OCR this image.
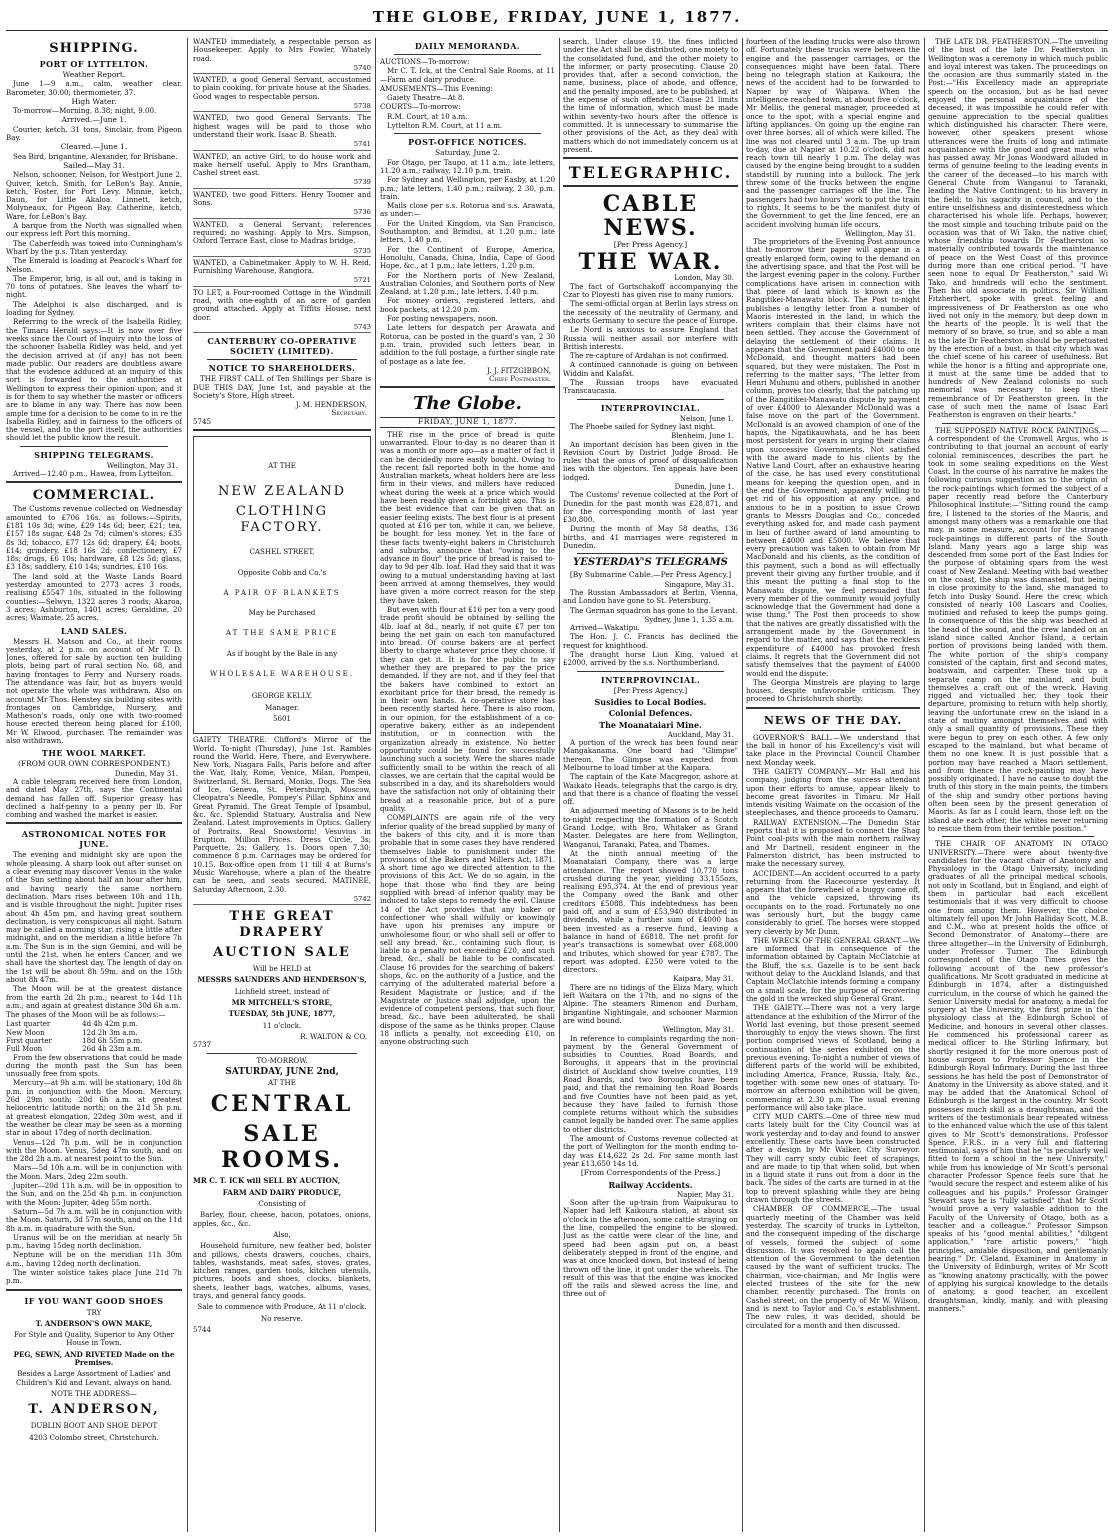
THE GLOBE, FRIDAY, JUNE 1, 1877.
SHIPPING.
PORT OF LYTTELTON.
Weather Report.

June 1—9 a.m., calm, weather clear. Barometer, 30.00; thermometer, 37.

High Water.

To-morrow—Morning, 8.38; night, 9.00.

Arrived.—June 1.

Courier, ketch, 31 tons, Sinclair, from Pigeon Bay.

Cleared.—June 1.

Sea Bird, brigantine, Alexander, for Brisbane.

Sailed—May 31.

Nelson, schooner, Nelson, for Westport June 2. Quiver, ketch, Smith, for LeBon's Bay. Annie, ketch, Foster, for Port Levy. Minnie, ketch, Daun, for Little Akaloa. Linnett, ketch, Molyneaux, for Pigeon Bay. Catherine, ketch, Ware, for LeBon's Bay.

A barque from the North was signalled when our express left Port this morning.

The Caberfeidh was towed into Cunningham's Wharf by the p.s. Titan yesterday.

The Emerald is loading at Peacock's Wharf for Nelson.

The Emperor, brig, is all out, and is taking in 70 tons of potatoes. She leaves the wharf to-night.

The Adelphoi is also discharged, and is loading for Sydney.

Referring to the wreck of the Isabella Ridley, the Timaru Herald says:—It is now over five weeks since the Court of Inquiry into the loss of the schooner Isabella Ridley was held, and yet the decision arrived at (if any) has not been made public. Our readers are doubtless aware that the evidence adduced at an inquiry of this sort is forwarded to the authorities at Wellington to express their opinion upon; and it is for them to say whether the master or officers are to blame in any way. There has now been ample time for a decision to be come to in re the Isabella Ridley, and in fairness to the officers of the vessel, and to the port itself, the authorities should let the public know the result.

SHIPPING TELEGRAMS.
Wellington, May 31.

Arrived—12.40 p.m., Hawea, from Lyttelton.

COMMERCIAL.

The Customs revenue collected on Wednesday amounted to £706 16s. as follows:—Spirits, £181 10s 3d; wine, £29 14s 6d; beer, £21; tea, £157 18s sugar, £48 2s 7d; cilmen's stores; £35 8s 3d; tobacco, £77 12s 6d; drapery, £4; boots, £14; grindery, £18 16s 2d; confectionery, £7 18s; drugs, £6 10s; hardware, £8 12s 5d; glass, £3 18s; saddlery, £10 14s; sundries, £10 16s.

The land sold at the Waste Lands Board yesterday amounted to 2773 acres 3 roods, realising £5547 10s, situated in the following counties:—Selwyn, 1322 acres 3 roods; Akaroa, 3 acres; Ashburton, 1401 acres; Geraldine, 20 acres; Waimate, 25 acres.

LAND SALES.

Messrs H. Matson and Co., at their rooms yesterday, at 2 p.m. on account of Mr T. D. Jones, offered for sale by auction ten building plots, being part of rural section No. 68, and having frontages to Ferry and Nursery roads. The attendance was fair, but as buyers would not operate the whole was withdrawn. Also on account Mr Thos. Henstey six building sites with frontages on Cambridge, Nursery, and Matheson's roads, only one with two-roomed house erected thereon being placed for £100, Mr W. Elwood, purchaser. The remainder was also withdrawn.

THE WOOL MARKET.
(FROM OUR OWN CORRESPONDENT.)
Dunedin, May 31.

A cable telegram received here from London, and dated May 27th, says the Continental demand has fallen off. Superior greasy has declined a half-penny to a penny per lb. For combing and washed the market is easier.

ASTRONOMICAL NOTES FOR JUNE.

The evening and midnight sky are upon the whole pleasing. A sharp look out after sunset on a clear evening may discover Venus in the wake of the Sun setting about half an hour after him, and having nearly the same northern declination. Mars rises between 10h and 11h, and is visible throughout the night. Jupiter rises about 4h 45m pm, and having great southern declination, is very conspicuous all night. Saturn may be called a morning star, rising a little after midnight, and on the meridian a little before 7h a.m. The Sun is in the sign Gemini, and will be until the 21st, when he enters Cancer, and we shall have the shortest day. The length of day on the 1st will be about 8h 59m, and on the 15th about 8h 47m.

The Moon will be at the greatest distance from the earth 2d 2h p.m.; nearest to 14d 11h a.m.; and again at greatest distance 30d 6h a.m.

The phases of the Moon will be as follows:—

Last quarter	4d 4h 42m p.m.
New Moon	12d 2h 3m a.m.
First quarter	18d 6h 55m p.m.
Full Moon	26d 4h 23m a.m.

From the few observations that could be made during the month past the Sun has been unusually free from spots.

Mercury—at 9h a.m. will be stationary; 10d 8h p.m. in conjunction with the Moon. Mercury, 26d 29m south; 20d 6h a.m. at greatest heliocentric latitude north; on the 21d 5h p.m. at greatest elongation, 22deg 30m west, and if the weather be clear may be seen as a morning star in about 17deg of north declination.

Venus—12d 7h p.m. will be in conjunction with the Moon. Venus, 5deg 47m south, and on the 28d 2h a.m. at nearest point to the Sun.

Mars—5d 10h a.m. will be in conjunction with the Moon. Mars, 2deg 22m south.

Jupiter—20d 11h a.m. will be in opposition to the Sun, and on the 25d 4h p.m. in conjunction with the Moon: Jupiter, 4deg 55m north.

Saturn—5d 7h a.m. will be in conjunction with the Moon. Saturn, 3d 57m south, and on the 11d 8h a.m. in quadrature with the Sun.

Uranus will be on the meridian at nearly 5h p.m., having 15deg north declination.

Neptune will be on the meridian 11h 30m a.m., having 12deg north declination.

The winter solstice takes place June 21d 7h p.m.

IF YOU WANT GOOD SHOES
TRY
T. ANDERSON'S OWN MAKE,
For Style and Quality, Superior to Any Other House in Town.
PEG, SEWN, AND RIVETED Made on the Premises.
Besides a Large Assortment of Ladies' and Children's Kid and Levant, always on hand.
NOTE THE ADDRESS—
T. ANDERSON,
DUBLIN BOOT AND SHOE DEPOT
4203 Colombo street, Christchurch.

WANTED immediately, a respectable person as Housekeeper. Apply to Mrs Fowler, Whately road.

5740

WANTED, a good General Servant, accustomed to plain cooking, for private house at the Shades. Good wages to respectable person.

5738

WANTED, two good General Servants. The highest wages will be paid to those who understand their work. Isaac B. Sheath.

5741

WANTED, an active Girl, to do house work and make herself useful. Apply to Mrs Grantham, Cashel street east.

5739

WANTED, two good Fitters. Henry Toomer and Sons.

5736

WANTED, a General Servant; references required; no washing. Apply to Mrs. Simpson, Oxford Terrace East, close to Madras bridge.

5735

WANTED, a Cabinetmaker. Apply to W. H. Reid, Furnishing Warehouse, Rangiora.

5721

TO LET, a Four-roomed Cottage in the Windmill road, with one-eighth of an acre of garden ground attached. Apply at Tiffits House, next door.

5743
CANTERBURY CO-OPERATIVE SOCIETY (LIMITED).
NOTICE TO SHAREHOLDERS.

THE FIRST CALL of Ten Shillings per Share is DUE THIS DAY, June 1st, and payable at the Society's Store, High street.

J. M. HENDERSON,
Secretary.
5745
AT THE
NEW ZEALAND
CLOTHING FACTORY.
CASHEL STREET,
Opposite Cobb and Co.'s
A PAIR OF BLANKETS
May be Purchased
AT THE SAME PRICE
As if bought by the Bale in any
WHOLESALE WAREHOUSE.
GEORGE KELLY,
Manager.
5601

GAIETY THEATRE. Clifford's Mirror of the World. To-night (Thursday), June 1st. Rambles round the World. Here, There, and Everywhere. New York, Niagara Falls, Paris before and after the War, Italy, Rome, Venice, Milan, Pompeii, Switzerland, St. Bernard, Monks, Dogs. The Sea of Ice, Geneva, St. Petersburgh, Moscow, Cleopatra's Needle, Pompey's Pillar, Sphinx and Great Pyramid. The Great Temple of Ipsambul, &c. &c. Splendid Statuary, Australia and New Zealand. Latest improvements in Optics. Gallery of Portraits. Real Snowstorm! Vesuvius in Eruption. Million Prices. Dress Circle, 3s; Parquette, 2s; Gallery, 1s. Doors open 7.30; commence 8 p.m. Carriages may be ordered for 10.15. Box-office open from 11 till 4 at Burns's Music Warehouse, where a plan of the theatre can be seen, and seats secured. MATINEE, Saturday Afternoon, 2.30.

5742
THE GREAT DRAPERY
AUCTION SALE
Will be HELD at
MESSRS SAUNDERS AND HENDERSON'S,
Lichfield street, instead of
MR MITCHELL'S STORE,
TUESDAY, 5th JUNE, 1877,
11 o'clock.
R. WALTON & CO.
5737
TO-MORROW.
SATURDAY, JUNE 2nd,
AT THE
CENTRAL
SALE ROOMS.

MR C. T. ICK will SELL BY AUCTION,

FARM AND DAIRY PRODUCE,
Consisting of

Barley, flour, cheese, bacon, potatoes, onions, apples, &c., &c.

Also,

Household furniture, new feather bed, bolster and pillows, chests drawers, couches, chairs, tables, washstands, meat safes, stoves, grates, kitchen ranges, garden tools, kitchen utensils, pictures, boots and shoes, clocks, blankets, sheets, leather bags, watches, albums, vases, trays, and general fancy goods.

Sale to commence with Produce, At 11 o'clock.
No reserve.
5744
DAILY MEMORANDA.

AUCTIONS—To-morrow:

Mr C. T. Ick, at the Central Sale Rooms, at 11—Farm and dairy produce.

AMUSEMENTS—This Evening:

Gaiety Theatre—At 8.

COURTS—To-morrow:

R.M. Court, at 10 a.m.

Lyttelton R.M. Court, at 11 a.m.

POST-OFFICE NOTICES.
Saturday, June 2.

For Otago, per Taupo, at 11 a.m.; late letters, 11.20 a.m.; railway, 12.10 p.m. train.

For Sydney and Wellington, per Easby, at 1.20 p.m.; late letters, 1.40 p.m.; railway, 2 30, p.m. train.

Mails close per s.s. Rotorua and s.s. Arawata, as under:—

For the United Kingdom, via San Francisco, Southampton, and Brindisi, at 1.20 p.m.; late letters, 1.40 p.m.

For the Continent of Europe, America, Honolulu, Canada, China, India, Cape of Good Hope, &c., at 1 p.m.; late letters, 1.20 p.m.

For the Northern ports of New Zealand, Australian Colonies, and Southern ports of New Zealand, at 1.20 p.m.; late letters, 1.40 p.m.

For money orders, registered letters, and book packets, at 12.20 p.m.

For posting newspapers, noon.

Late letters for despatch per Arawata and Rotorua, can be posted in the guard's van, 2 30 p.m. train, provided such letters bear, in addition to the full postage, a further single rate of postage as a late fee.

J. J. FITZGIBBON,
Chief Postmaster.
The Globe.
FRIDAY, JUNE 1, 1877.

THE rise in the price of bread is quite unwarranted. Flour to-day is no dearer than it was a month or more ago—as a matter of fact it can be decidedly more easily bought. Owing to the recent fall reported both in the home and Australian markets, wheat holders here are less firm in their views, and millers have reduced wheat during the week at a price which would have been readily given a fortnight ago. This is the best evidence that can be given that an easier feeling exists. The best flour is at present quoted at £16 per ton, while it can, we believe, be bought for less money. Yet in the face of these facts twenty-eight bakers in Christchurch and suburbs, announce that "owing to the advance in flour" the price of bread is raised to-day to 9d per 4lb. loaf. Had they said that it was owing to a mutual understanding having at last been arrived at among themselves, they would have given a more correct reason for the step they have taken.

But even with flour at £16 per ton a very good trade profit should be obtained by selling the 4lb. loaf at 8d., nearly, if not quite £7 per ton being the net gain on each ton manufactured into bread. Of course bakers are at perfect liberty to charge whatever price they choose, if they can get it. It is for the public to say whether they are prepared to pay the price demanded. If they are not, and if they feel that the bakers have combined to extort an exorbitant price for their bread, the remedy is in their own hands. A co-operative store has been recently started here. There is also room, in our opinion, for the establishment of a co-operative bakery, either as an independent institution, or in connection with the organization already in existence. No better opportunity could be found for successfully launching such a society. Were the shares made sufficiently small to be within the reach of all classes, we are certain that the capital would be subscribed in a day, and its shareholders would have the satisfaction not only of obtaining their bread at a reasonable price, but of a pure quality.

COMPLAINTS are again rife of the very inferior quality of the bread supplied by many of the bakers of this city, and it is more than probable that in some cases they have rendered themselves liable to punishment under the provisions of the Bakers and Millers Act, 1871. A short time ago we directed attention to the provisions of this Act. We do so again, in the hope that those who find they are being supplied with bread of inferior quality may be induced to take steps to remedy the evil. Clause 14 of the Act provides that any baker or confectioner who shall wilfully or knowingly have upon his premises any impure or unwholesome flour, or who shall sell or offer to sell any bread, &c., containing such flour, is liable to a penalty not exceeding £20, and such bread, &c., shall be liable to be confiscated. Clause 16 provides for the searching of bakers' shops, &c. on the authority of a Justice, and the carrying of the adulterated material before a Resident Magistrate or Justice; and if the Magistrate or Justice shall adjudge, upon the evidence of competent persons, that such flour, bread, &c., have been adulterated, he shall dispose of the same as he thinks proper. Clause 18 inflicts a penalty, not exceeding £10, on anyone obstructing such

search. Under clause 19, the fines inflicted under the Act shall be distributed, one moiety to the consolidated fund, and the other moiety to the informer, or party prosecuting. Clause 20 provides that, after a second conviction, the name, business, place of abode, and offence, and the penalty imposed, are to be published, at the expense of such offender. Clause 21 limits the time of information, which must be made within seventy-two hours after the offence is committed. It is unnecessary to summarise the other provisions of the Act, as they deal with matters which do not immediately concern us at present.

TELEGRAPHIC.
CABLE NEWS.
[Per Press Agency.]
THE WAR.
London, May 30.

The fact of Gortschakoff accompanying the Czar to Ployesti has given rise to many rumors.

The semi-official organ at Berlin lays stress on the necessity of the neutrality of Germany, and exhorts Germany to secure the peace of Europe.

Le Nord is anxious to assure England that Russia will neither assail nor interfere with British interests.

The re-capture of Ardahan is not confirmed.

A continued cannonade is going on between Widdin and Kalafat.

The Russian troops have evacuated Transcaucasia.

INTERPROVINCIAL.
Nelson, June 1.

The Phoebe sailed for Sydney last night.

Blenheim, June 1.

An important decision has been given in the Revision Court by District Judge Broad. He rules that the onus of proof of disqualification lies with the objectors. Ten appeals have been lodged.

Dunedin, June 1.

The Customs' revenue collected at the Port of Dunedin for the past month was £28,871, and for the corresponding month of last year £30,800.

During the month of May 58 deaths, 136 births, and 41 marriages were registered in Dunedin.

YESTERDAY'S TELEGRAMS
[By Submarine Cable.—Per Press Agency.]
Singapore, May 31.

The Russian Ambassadors at Berlin, Vienna, and London have gone to St. Petersburg.

The German squadron has gone to the Levant.

Sydney, June 1, 1.35 a.m.

Arrived—Wakatipu.

The Hon. J. C. Francis has declined the request for knighthood.

The draught horse Lion King, valued at £2000, arrived by the s.s. Northumberland.

INTERPROVINCIAL.
[Per Press Agency.]
Susidies to Local Bodies.
Colonial Defences.
The Moanataiari Mine.
Auckland, May 31.

A portion of the wreck has been found near Mangakanama. One board had "Glimpse" thereon. The Glimpse was expected from Melbourne to load timber at the Kaipara.

The captain of the Kate Macgregor, ashore at Waikato Heads, telegraphs that the cargo is dry, and that there is a chance of floating the vessel off.

An adjourned meeting of Masons is to be held to-night respecting the formation of a Scotch Grand Lodge, with Bro. Whitaker as Grand Master. Delegates are here from Wellington, Wanganui, Taranaki, Patea, and Thames.

At the ninth annual meeting of the Moanataiari Company, there was a large attendance. The report showed 10,770 tons crushed during the year, yielding 33,155ozs, realising £95,374. At the end of previous year the Company owed the Bank and other creditors £5088. This indebtedness has been paid off, and a sum of £53,940 distributed in dividends, while a further sum of £4000 has been invested as a reserve fund, leaving a balance in hand of £6818. The net profit for year's transactions is somewhat over £68,000 and tributes, which showed for year £787. The report was adopted. £250 were voted to the directors.

Kaipara, May 31.

There are no tidings of the Eliza Mary, which left Waitara on the 17th, and no signs of the Alpine. The steamers Rimenon and Durham, brigantine Nightingale, and schooner Marmion are wind bound.

Wellington, May 31.

In reference to complaints regarding the non-payment by the General Government of subsidies to Counties, Road Boards, and Boroughs, it appears that in the provincial district of Auckland show twelve counties, 119 Road Boards, and two Boroughs have been paid, and that the remaining ten Road Boards and five Counties have not been paid as yet, because they have failed to furnish those complete returns without which the subsidies cannot legally be handed over. The same applies to other districts.

The amount of Customs revenue collected at the port of Wellington for the month ending to-day was £14,622 2s 2d. For same month last year £13,650 14s 1d.

[From Correspondents of the Press.]
Railway Accidents.
Napier, May 31.

Soon after the up-train from Waipukurau to Napier had left Kaikoura station, at about six o'clock in the afternoon, some cattle straying on the line, compelled the engine to be slowed. Just as the cattle were clear of the line, and speed had been again put on, a beast deliberately stepped in front of the engine, and was at once knocked down, but instead of being thrown off the line, it got under the wheels. The result of this was that the engine was knocked off the rails and slewed across the line, and three out of

fourteen of the leading trucks were also thrown off. Fortunately these trucks were between the engine and the passenger carriages, or the consequences might have been fatal. There being no telegraph station at Kaikoura, the news of the accident had to be forwarded to Napier by way of Waipawa. When the intelligence reached town, at about five o'clock, Mr Mellis, the general manager, proceeded at once to the spot, with a special engine and lifting appliances. On going up the engine ran over three horses, all of which were killed. The line was not cleared until 3 a.m. The up train to-day, due at Napier at 10.22 o'clock, did not reach town till nearly 1 p.m. The delay was caused by the engine being brought to a sudden standstill by running into a bullock. The jerk threw some of the trucks between the engine and the passenger carriages off the line. The passengers had two hours' work to put the train to rights. It seems to be the manifest duty of the Government to get the line fenced, ere an accident involving human life occurs.

Wellington, May 31.

The proprietors of the Evening Post announce that to-morrow their paper will appear in a greatly enlarged form, owing to the demand on the advertising space, and that the Post will be the largest evening paper in the colony. Further complications have arisen in connection with that piece of land which is known as the Rangitikei-Manawatu block. The Post to-night publishes a lengthy letter from a number of Maoris interested in the land, in which the writers complain that their claims have not been settled. They accuse the Government of delaying the settlement of their claims. It appears that the Government paid £4000 to one McDonald, and thought matters had been squared, but they were mistaken. The Post in referring to the matter says, "The letter from Henri Muhunu and others, published in another column, proves too clearly, that the patching up of the Rangitikei-Manawatu dispute by payment of over £4000 to Alexander McDonald was a false move on the part of the Government. McDonald is an avowed champion of one of the hapus, the Ngatikauwhata, and he has been most persistent for years in urging their claims upon successive Governments. Not satisfied with the award made to his clients by the Native Land Court, after an exhaustive hearing of the case, he has used every constitutional means for keeping the question open, and in the end the Government, apparently willing to get rid of his opposition at any price, and anxious to be in a position to issue Crown grants to Messrs Douglas and Co., conceded everything asked for, and made cash payment in lieu of further award of land amounting to between £4000 and £5000. We believe that every precaution was taken to obtain from Mr MacDonald and his clients, as the condition of this payment, such a bond as will effectually prevent their giving any further trouble, and if this meant the putting a final stop to the Manawatu dispute, we feel persuaded that every member of the community would joyfully acknowledge that the Government had done a wise thing." The Post then proceeds to show that the natives are greatly dissatisfied with the arrangement made by the Government in regard to the matter, and says that the reckless expenditure of £4000 has provoked fresh claims. It regrets that the Government did not satisfy themselves that the payment of £4000 would end the dispute.

The Georgia Minstrels are playing to large houses, despite unfavorable criticism. They proceed to Christchurch shortly.

NEWS OF THE DAY.

GOVERNOR'S BALL.—We understand that the ball in honor of his Excellency's visit will take place in the Provincial Council Chamber next Monday week.

THE GAIETY COMPANY.—Mr Hall and his company, judging from the success attendant upon their efforts to amuse, appear likely to become great favorites in Timaru. Mr Hall intends visiting Waimate on the occasion of the steeplechases, and thence proceeds to Oamaru.

RAILWAY EXTENSION.—The Dunedin Star reports that it is proposed to connect the Shag Point coal-pits with the main northern railway and Mr Dartnell, resident engineer in the Palmerston district, has been instructed to make the necessary survey.

ACCIDENT.—An accident occurred to a party returning from the Racecourse yesterday. It appears that the forewheel of a buggy came off, and the vehicle capsized, throwing its occupants on to the road. Fortunately no one was seriously hurt, but the buggy came considerably to grief. The horses were stopped very cleverly by Mr Dunn.

THE WRECK OF THE GENERAL GRANT.—We are informed that in consequence of the information obtained by Captain McClatchie at the Bluff, the s.s. Gazelle is to be sent back without delay to the Auckland Islands, and that Captain McClatchie intends forming a company on a small scale, for the purpose of recovering the gold in the wrecked ship General Grant.

THE GAIETY.—There was not a very large attendance at the exhibition of the Mirror of the World last evening, but those present seemed thoroughly to enjoy the views shown. The first portion comprised views of Scotland, being a continuation of the series exhibited on the previous evening. To-night a number of views of different parts of the world will be exhibited, including America, France, Russia, Italy, &c., together with some new ones of statuary. To-morrow an afternoon exhibition will be given, commencing at 2.30 p.m. The usual evening performance will also take place.

CITY MUD CARTS.—One of three new mud carts lately built for the City Council was at work yesterday and to-day and found to answer excellently. These carts have been constructed after a design by Mr Walker, City Surveyor. They will carry sixty cubic feet of scrapings, and are made to tip that when solid, but when in a liquid state it runs out from a door in the back. The sides of the carts are turned in at the top to prevent splashing while they are being drawn through the streets.

CHAMBER OF COMMERCE.—The usual quarterly meeting of the Chamber was held yesterday. The scarcity of trucks in Lyttelton, and the consequent impeding of the discharge of vessels, formed the subject of some discussion. It was resolved to again call the attention of the Government to the detention caused by the want of sufficient trucks. The chairman, vice-chairman, and Mr Inglis were elected trustees of the site for the new chamber, recently purchased. The fronts on Cashel street, on the property of Mr W. Wilson, and is next to Taylor and Co.'s establishment. The new rules, it was decided, should be circulated for a month and then discussed.

THE LATE DR. FEATHERSTON.—The unveiling of the bust of the late Dr. Featherston in Wellington was a ceremony in which much public and loyal interest was taken. The proceedings on the occasion are thus summarily stated in the Post:—"His Excellency made an appropriate speech on the occasion, but as he had never enjoyed the personal acquaintance of the deceased, it was impossible he could refer with genuine appreciation to the special qualities which distinguished his character. There were, however, other speakers present whose utterances were the fruits of long and intimate acquaintance with the good and great man who has passed away. Mr Jonas Woodward alluded in terms of genuine feeling to the leading events in the career of the deceased—to his march with General Chute from Wanganui to Taranaki, leading the Native Contingent; to his bravery in the field; to his sagacity in council, and to the entire unselfishness and disinterestedness which characterised his whole life. Perhaps, however, the most simple and touching tribute paid on the occasion was that of Wi Tako, the native chief, whose friendship towards Dr Featherston so materially contributed towards the maintenance of peace on the West Coast of this province during more than one critical period. "I have seen none to equal Dr Featherston," said Wi Tako, and hundreds will echo the sentiment. Then his old associate in politics, Sir William Fitzherbert, spoke with great feeling and impressiveness of Dr Featherston as one who lived not only in the memory, but deep down in the hearts of the people. It is well that the memory of so brave, so true, and so able a man as the late Dr Featherston should be perpetuated by the erection of a bust, in that city which was the chief scene of his career of usefulness. But while the honor is a fitting and appropriate one, it must at the same time be added that to hundreds of New Zealand colonists no such memorial was necessary to keep their remembrance of Dr Featherston green. In the case of such men the name of Isaac Earl Featherston is engraven on their hearts."

THE SUPPOSED NATIVE ROCK PAINTINGS.—A correspondent of the Cromwell Argus, who is contributing to that journal an account of early colonial reminiscences, describes the part he took in some sealing expeditions on the West Coast. In the course of his narrative he makes the following curious suggestion as to the origin of the rock-paintings which formed the subject of a paper recently read before the Canterbury Philosophical Institute:—"Sitting round the camp fire, I listened to the stories of the Maoris, and amongst many others was a remarkable one that may, in some measure, account for the strange rock-paintings in different parts of the South Island. Many years ago a large ship was descended from some port of the East Indies for the purpose of obtaining spars from the west coast of New Zealand. Meeting with bad weather on the coast, the ship was dismasted, but being in close proximity to the land, she managed to fetch into Dusky Sound. Here the crew, which consisted of nearly 100 Lascars and Coolies, mutinied and refused to keep the pumps going. In consequence of this the ship was beached at the head of the sound, and the crew landed on an island since called Anchor Island, a certain portion of provisions being landed with them. The white portion of the ship's company consisted of the captain, first and second mates, boatswain, and carpenter. These took up a separate camp on the mainland, and built themselves a craft out of the wreck. Having rigged and victualled her, they took their departure, promising to return with help shortly, leaving the unfortunate crew on the island in a state of mutiny amongst themselves and with only a small quantity of provisions. These they were begun to prey on each other. A few only escaped to the mainland, but what became of them no one knew. It is just possible that a portion may have reached a Maori settlement, and from thence the rock-painting may have possibly originated. I have no cause to doubt the truth of this story in the main points, the timbers of the ship and sundry other portions having often been seen by the present generation of Maoris. As far as I could learn, those left on the island ate each other, the whites never returning to rescue them from their terrible position."

THE CHAIR OF ANATOMY IN OTAGO UNIVERSITY.—There were about twenty-five candidates for the vacant chair of Anatomy and Physiology in the Otago University, including graduates of all the principal medical schools, not only in Scotland, but in England, and eight of them in particular had each excellent testimonials that it was very difficult to choose one from among them. However, the choice ultimately fell upon Mr John Halliday Scott, M.B. and C.M., who at present holds the office of Second Demonstrator of Anatomy—there are three altogether—in the University of Edinburgh, under Professor Turner. The Edinburgh correspondent of the Otago Times gives the following account of the new professor's qualifications. Mr Scott graduated in medicine at Edinburgh in 1874, after a distinguished curriculum, in the course of which he gained the Senior University medal for anatomy, a medal for surgery at the University, the first prize in the physiology class at the Edinburgh School of Medicine, and honours in several other classes. He commenced his professional career as medical officer to the Stirling Infirmary, but shortly resigned it for the more onerous post of house surgeon to Professor Spence in the Edinburgh Royal Infirmary. During the last three sessions he has held the post of Demonstrator of Anatomy in the University as above stated, and it may be added that the Anatomical School of Edinburgh is the largest in the country. Mr Scott possesses much skill as a draughtsman, and the writers of the testimonials bear repeated witness to the enhanced value which the use of this talent gives to Mr Scott's demonstrations. Professor Spence, F.R.S., in a very full and flattering testimonial, says of him that he "is peculiarly well fitted to form a school in the new University," while from his knowledge of Mr Scott's personal character Professor Spence feels sure that he "would secure the respect and esteem alike of his colleagues and his pupils." Professor Grainger Stewart says he is "fully satisfied" that Mr Scott "would prove a very valuable addition to the Faculty of the University of Otago, both as a teacher and a colleague." Professor Simpson speaks of his "good mental abilities," "diligent application," "rare artistic powers," "high principles, amiable disposition, and gentlemanly bearing." Dr. Cleland, Examiner in Anatomy in the University of Edinburgh, writes of Mr Scott as "knowing anatomy practically, with the power of applying his surgical knowledge to the details of anatomy, a good teacher, an excellent draughtsman, kindly, manly, and with pleasing manners."
